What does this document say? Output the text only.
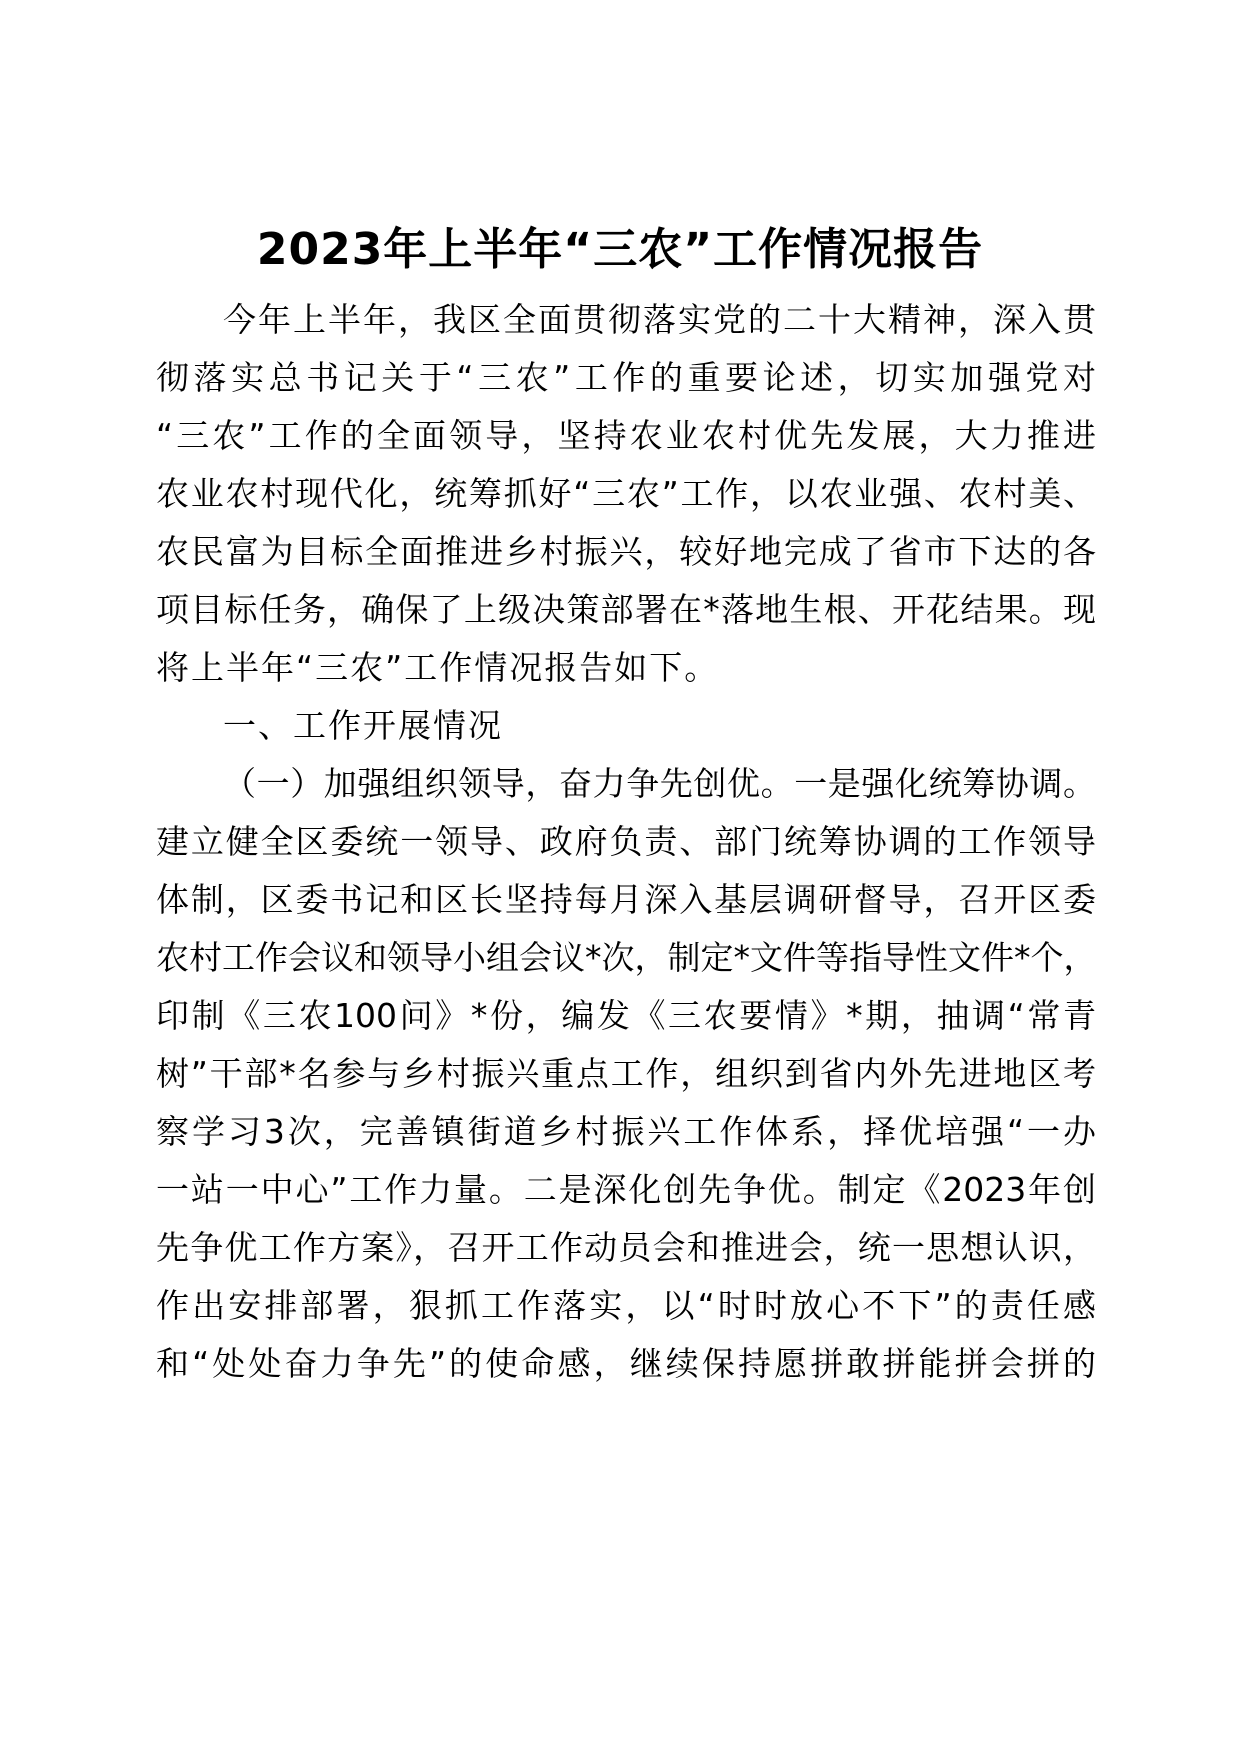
2023年上半年“三农”工作情况报告
今年上半年，我区全面贯彻落实党的二十大精神，深入贯
彻落实总书记关于“三农”工作的重要论述，切实加强党对
“三农”工作的全面领导，坚持农业农村优先发展，大力推进
农业农村现代化，统筹抓好“三农”工作，以农业强、农村美、
农民富为目标全面推进乡村振兴，较好地完成了省市下达的各
项目标任务，确保了上级决策部署在*落地生根、开花结果。现
将上半年“三农”工作情况报告如下。
一、工作开展情况
（一）加强组织领导，奋力争先创优。一是强化统筹协调。
建立健全区委统一领导、政府负责、部门统筹协调的工作领导
体制，区委书记和区长坚持每月深入基层调研督导，召开区委
农村工作会议和领导小组会议*次，制定*文件等指导性文件*个，
印制《三农100问》*份，编发《三农要情》*期，抽调“常青
树”干部*名参与乡村振兴重点工作，组织到省内外先进地区考
察学习3次，完善镇街道乡村振兴工作体系，择优培强“一办
一站一中心”工作力量。二是深化创先争优。制定《2023年创
先争优工作方案》，召开工作动员会和推进会，统一思想认识，
作出安排部署，狠抓工作落实，以“时时放心不下”的责任感
和“处处奋力争先”的使命感，继续保持愿拼敢拼能拼会拼的
